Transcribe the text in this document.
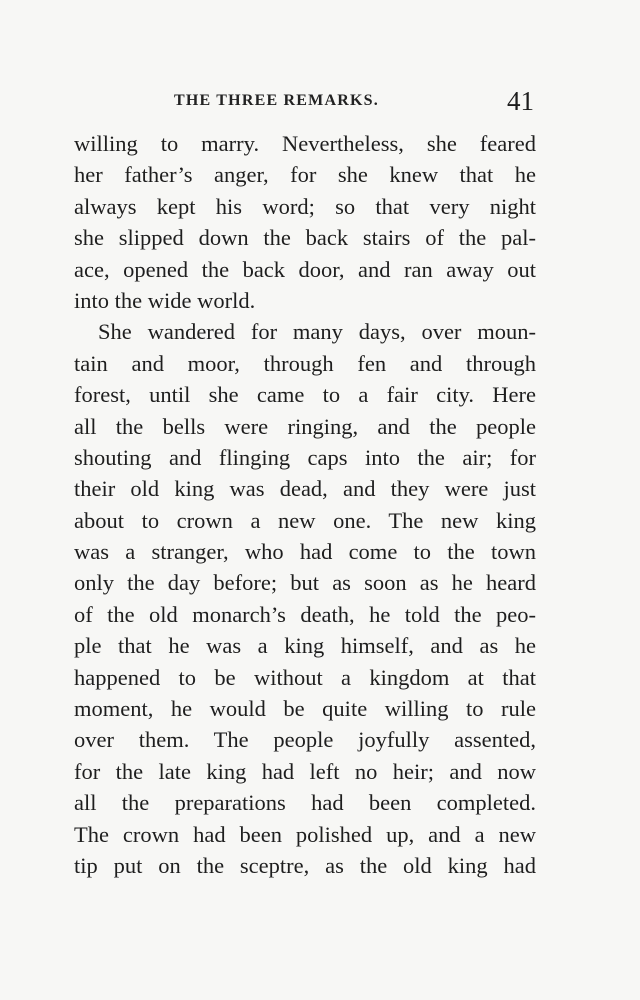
THE THREE REMARKS.	41
willing to marry. Nevertheless, she feared
her father’s anger, for she knew that he
always kept his word; so that very night
she slipped down the back stairs of the pal-
ace, opened the back door, and ran away out
into the wide world.
She wandered for many days, over moun-
tain and moor, through fen and through
forest, until she came to a fair city. Here
all the bells were ringing, and the people
shouting and flinging caps into the air; for
their old king was dead, and they were just
about to crown a new one. The new king
was a stranger, who had come to the town
only the day before; but as soon as he heard
of the old monarch’s death, he told the peo-
ple that he was a king himself, and as he
happened to be without a kingdom at that
moment, he would be quite willing to rule
over them. The people joyfully assented,
for the late king had left no heir; and now
all the preparations had been completed.
The crown had been polished up, and a new
tip put on the sceptre, as the old king had
